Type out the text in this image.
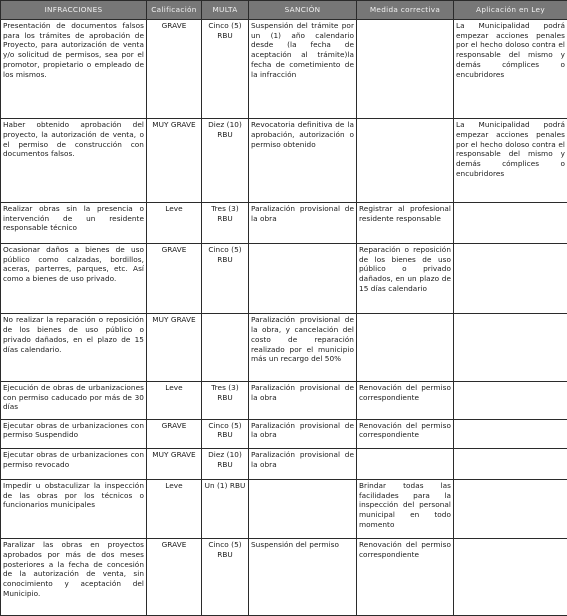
INFRACCIONES	Calificación	MULTA	SANCIÓN	Medida correctiva	Aplicación en Ley
Presentación de documentos falsos para los trámites de aprobación de Proyecto, para autorización de venta y/o solicitud de permisos, sea por el promotor, propietario o empleado de los mismos.	GRAVE	Cinco (5) RBU	Suspensión del trámite por un (1) año calendario desde (la fecha de aceptación al trámite)la fecha de cometimiento de la infracción		La Municipalidad podrá empezar acciones penales por el hecho doloso contra el responsable del mismo y demás cómplices o encubridores

Haber obtenido aprobación del proyecto, la autorización de venta, o el permiso de construcción con documentos falsos.	MUY GRAVE	Diez (10) RBU	Revocatoria definitiva de la aprobación, autorización o permiso obtenido		La Municipalidad podrá empezar acciones penales por el hecho doloso contra el responsable del mismo y demás cómplices o encubridores

Realizar obras sin la presencia o intervención de un residente responsable técnico	Leve	Tres (3) RBU	Paralización provisional de la obra	Registrar al profesional residente responsable	

Ocasionar daños a bienes de uso público como calzadas, bordillos, aceras, parterres, parques, etc. Así como a bienes de uso privado.	GRAVE	Cinco (5) RBU		Reparación o reposición de los bienes de uso público o privado dañados, en un plazo de 15 días calendario	

No realizar la reparación o reposición de los bienes de uso público o privado dañados, en el plazo de 15 días calendario.	MUY GRAVE		Paralización provisional de la obra, y cancelación del costo de reparación realizado por el municipio más un recargo del 50%		

Ejecución de obras de urbanizaciones con permiso caducado por más de 30 días	Leve	Tres (3) RBU	Paralización provisional de la obra	Renovación del permiso correspondiente	
Ejecutar obras de urbanizaciones con permiso Suspendido	GRAVE	Cinco (5) RBU	Paralización provisional de la obra	Renovación del permiso correspondiente	
Ejecutar obras de urbanizaciones con permiso revocado	MUY GRAVE	Diez (10) RBU	Paralización provisional de la obra		
Impedir u obstaculizar la inspección de las obras por los técnicos o funcionarios municipales	Leve	Un (1) RBU		Brindar todas las facilidades para la inspección del personal municipal en todo momento	

Paralizar las obras en proyectos aprobados por más de dos meses posteriores a la fecha de concesión de la autorización de venta, sin conocimiento y aceptación del Municipio.	GRAVE	Cinco (5) RBU	Suspensión del permiso	Renovación del permiso correspondiente	
